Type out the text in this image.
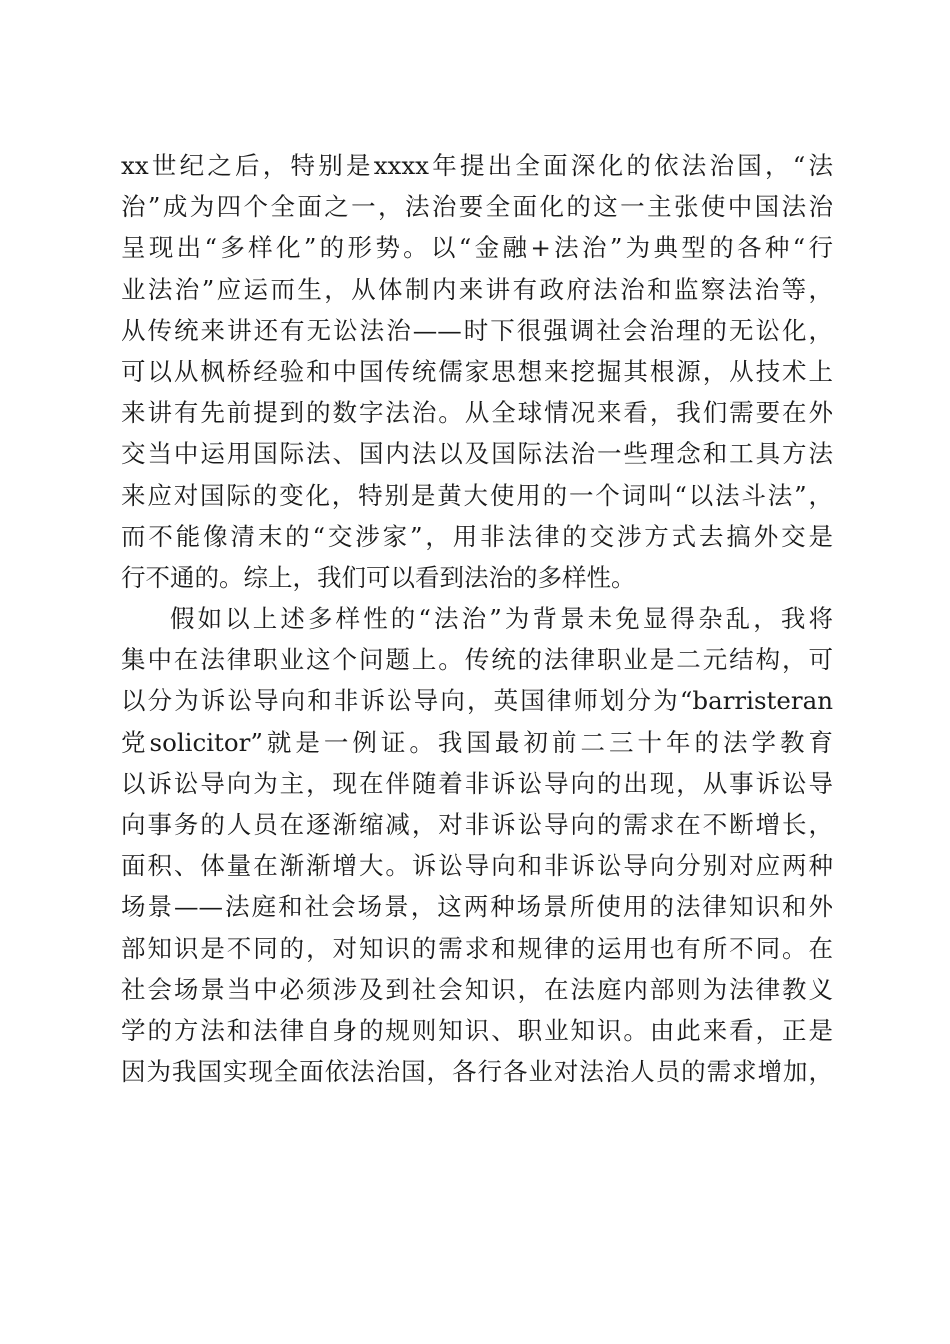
xx世纪之后，特别是xxxx年提出全面深化的依法治国，“法
治”成为四个全面之一，法治要全面化的这一主张使中国法治
呈现出“多样化”的形势。以“金融+法治”为典型的各种“行
业法治”应运而生，从体制内来讲有政府法治和监察法治等，
从传统来讲还有无讼法治——时下很强调社会治理的无讼化，
可以从枫桥经验和中国传统儒家思想来挖掘其根源，从技术上
来讲有先前提到的数字法治。从全球情况来看，我们需要在外
交当中运用国际法、国内法以及国际法治一些理念和工具方法
来应对国际的变化，特别是黄大使用的一个词叫“以法斗法”，
而不能像清末的“交涉家”，用非法律的交涉方式去搞外交是
行不通的。综上，我们可以看到法治的多样性。
假如以上述多样性的“法治”为背景未免显得杂乱，我将
集中在法律职业这个问题上。传统的法律职业是二元结构，可
以分为诉讼导向和非诉讼导向，英国律师划分为“barristeran
党solicitor”就是一例证。我国最初前二三十年的法学教育
以诉讼导向为主，现在伴随着非诉讼导向的出现，从事诉讼导
向事务的人员在逐渐缩减，对非诉讼导向的需求在不断增长，
面积、体量在渐渐增大。诉讼导向和非诉讼导向分别对应两种
场景——法庭和社会场景，这两种场景所使用的法律知识和外
部知识是不同的，对知识的需求和规律的运用也有所不同。在
社会场景当中必须涉及到社会知识，在法庭内部则为法律教义
学的方法和法律自身的规则知识、职业知识。由此来看，正是
因为我国实现全面依法治国，各行各业对法治人员的需求增加，
